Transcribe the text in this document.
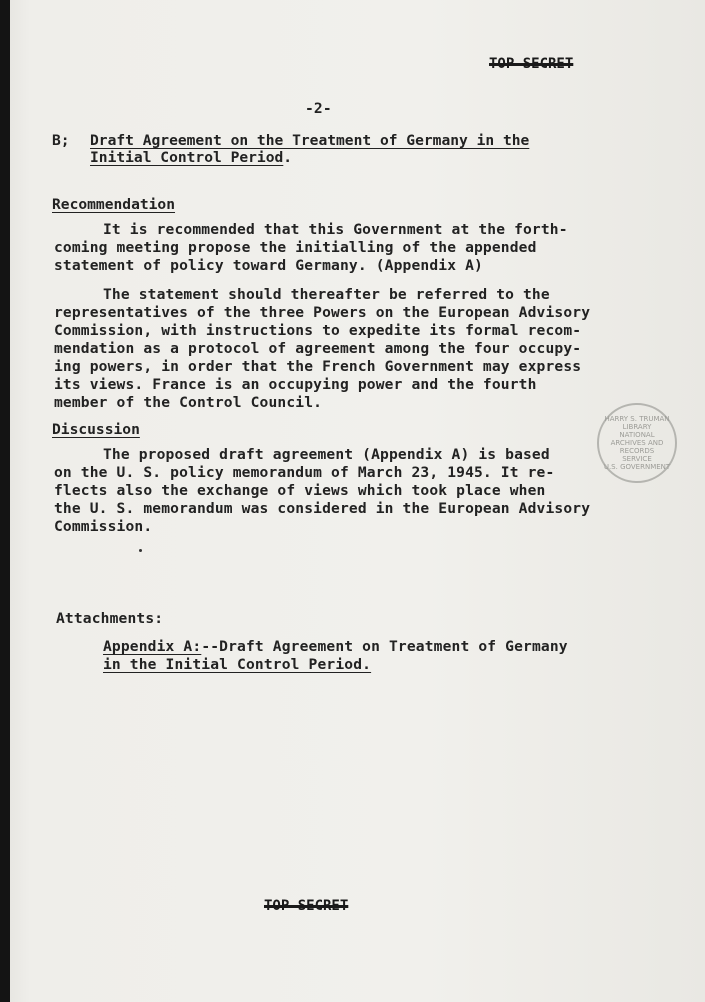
TOP SECRET
-2-
B; Draft Agreement on the Treatment of Germany in the
Initial Control Period.
Recommendation
It is recommended that this Government at the forth-
coming meeting propose the initialling of the appended
statement of policy toward Germany. (Appendix A)
The statement should thereafter be referred to the
representatives of the three Powers on the European Advisory
Commission, with instructions to expedite its formal recom-
mendation as a protocol of agreement among the four occupy-
ing powers, in order that the French Government may express
its views. France is an occupying power and the fourth
member of the Control Council.
Discussion
The proposed draft agreement (Appendix A) is based
on the U. S. policy memorandum of March 23, 1945. It re-
flects also the exchange of views which took place when
the U. S. memorandum was considered in the European Advisory
Commission.
Attachments:
Appendix A:--Draft Agreement on Treatment of Germany
in the Initial Control Period.
HARRY S. TRUMAN LIBRARY
NATIONAL
ARCHIVES AND
RECORDS
SERVICE
U.S. GOVERNMENT
TOP SECRET
